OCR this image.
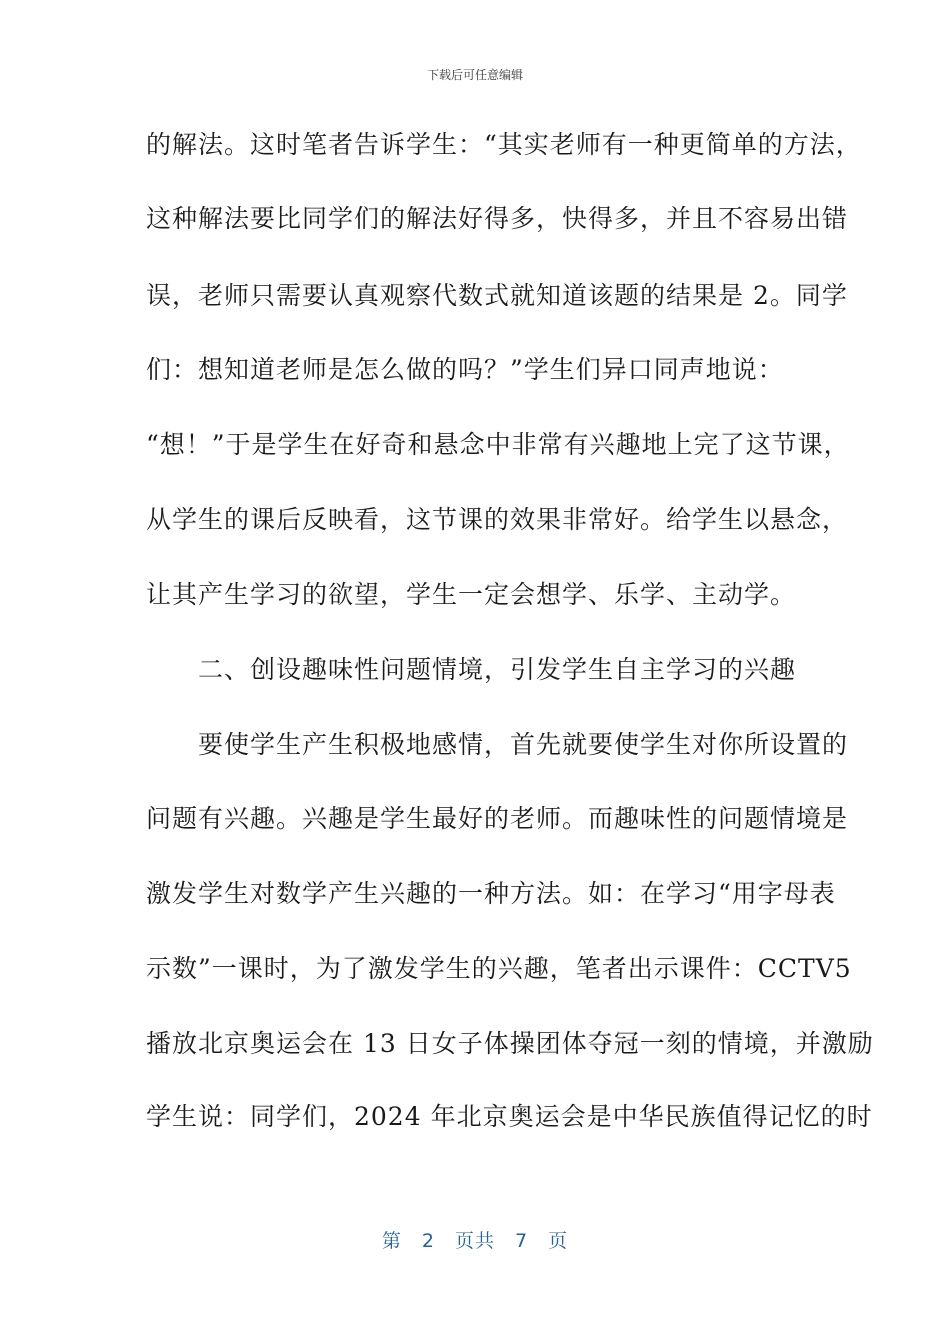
下载后可任意编辑
的解法。这时笔者告诉学生：“其实老师有一种更简单的方法，
这种解法要比同学们的解法好得多，快得多，并且不容易出错
误，老师只需要认真观察代数式就知道该题的结果是 2。同学
们：想知道老师是怎么做的吗？”学生们异口同声地说：
“想！”于是学生在好奇和悬念中非常有兴趣地上完了这节课，
从学生的课后反映看，这节课的效果非常好。给学生以悬念，
让其产生学习的欲望，学生一定会想学、乐学、主动学。
　　二、创设趣味性问题情境，引发学生自主学习的兴趣
　　要使学生产生积极地感情，首先就要使学生对你所设置的
问题有兴趣。兴趣是学生最好的老师。而趣味性的问题情境是
激发学生对数学产生兴趣的一种方法。如：在学习“用字母表
示数”一课时，为了激发学生的兴趣，笔者出示课件：CCTV5
播放北京奥运会在 13 日女子体操团体夺冠一刻的情境，并激励
学生说：同学们，2024 年北京奥运会是中华民族值得记忆的时
第 2 页共 7 页
